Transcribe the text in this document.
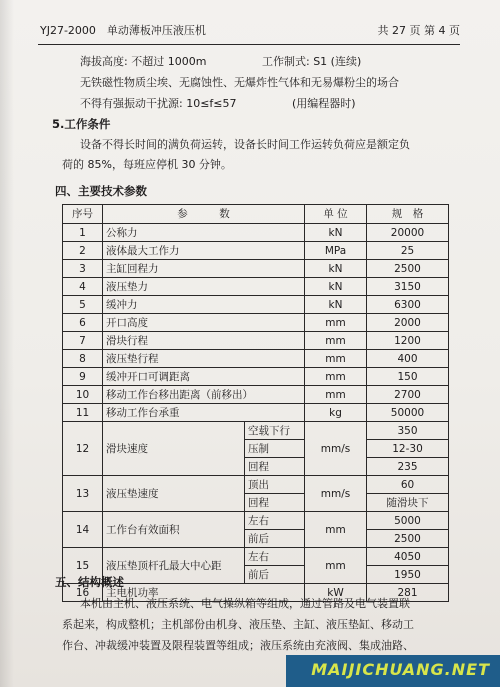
YJ27-2000　单动薄板冲压液压机	共 27 页 第 4 页
海拔高度: 不超过 1000m	工作制式: S1 (连续)
无铁磁性物质尘埃、无腐蚀性、无爆炸性气体和无易爆粉尘的场合
不得有强振动干扰源: 10≤f≤57	(用编程器时)
5.工作条件
设备不得长时间的满负荷运转，设备长时间工作运转负荷应是额定负
荷的 85%，每班应停机 30 分钟。
四、主要技术参数
序号	参　　　数		单 位	规　格
1	公称力		kN	20000
2	液体最大工作力		MPa	25
3	主缸回程力		kN	2500
4	液压垫力		kN	3150
5	缓冲力		kN	6300
6	开口高度		mm	2000
7	滑块行程		mm	1200
8	液压垫行程		mm	400
9	缓冲开口可调距离		mm	150
10	移动工作台移出距离（前移出）		mm	2700
11	移动工作台承重		kg	50000
12	滑块速度	空载下行	mm/s	350
		压制		12-30
		回程		235
13	液压垫速度	顶出	mm/s	60
		回程		随滑块下
14	工作台有效面积	左右	mm	5000
		前后		2500
15	液压垫顶杆孔最大中心距	左右	mm	4050
		前后		1950
16	主电机功率		kW	281
五、结构概述
本机由主机、液压系统、电气操纵箱等组成，通过管路及电气装置联
系起来，构成整机；主机部份由机身、液压垫、主缸、液压垫缸、移动工
作台、冲裁缓冲装置及限程装置等组成；液压系统由充液阀、集成油路、
MAIJICHUANG.NET
